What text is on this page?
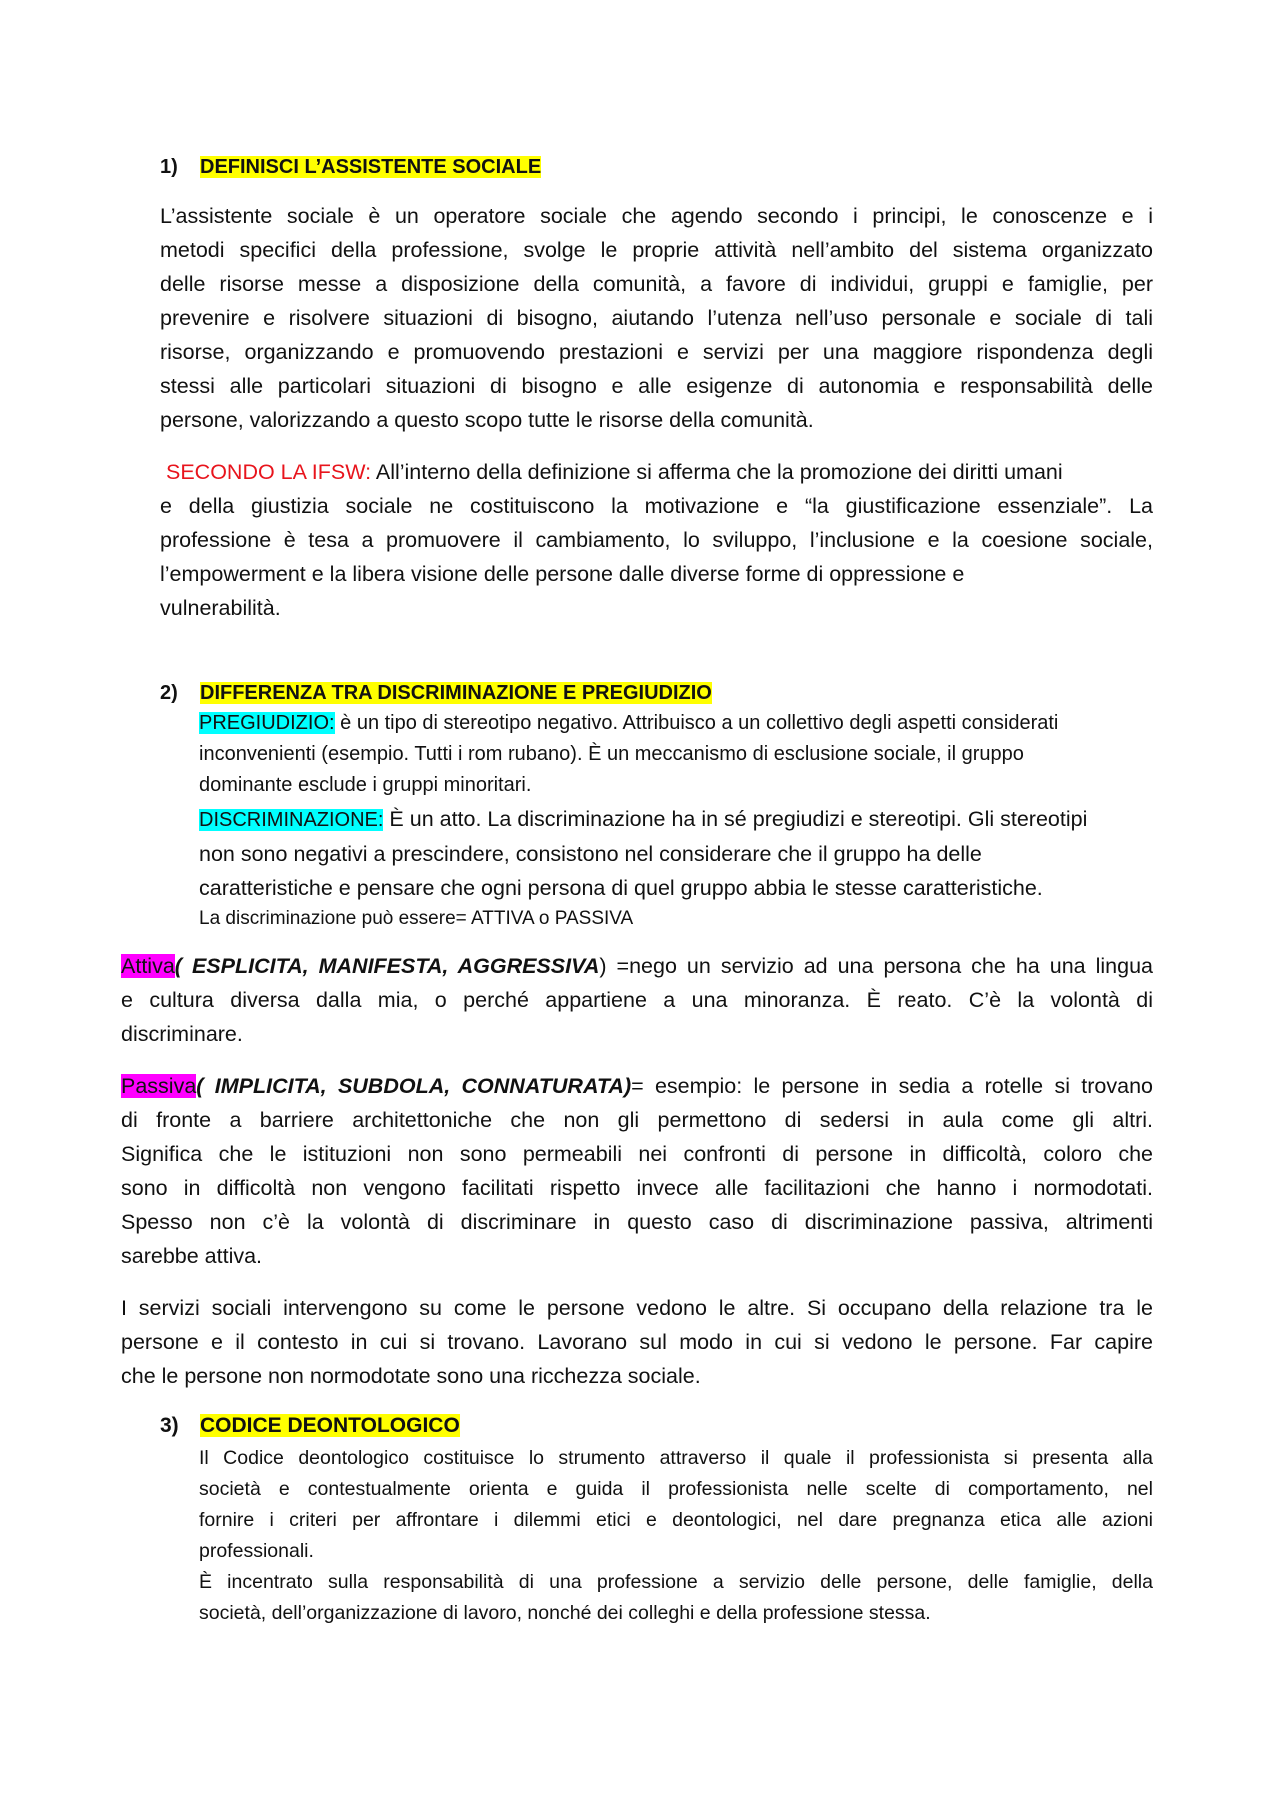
1) DEFINISCI L’ASSISTENTE SOCIALE
L’assistente sociale è un operatore sociale che agendo secondo i principi, le conoscenze e i
metodi specifici della professione, svolge le proprie attività nell’ambito del sistema organizzato
delle risorse messe a disposizione della comunità, a favore di individui, gruppi e famiglie, per
prevenire e risolvere situazioni di bisogno, aiutando l’utenza nell’uso personale e sociale di tali
risorse, organizzando e promuovendo prestazioni e servizi per una maggiore rispondenza degli
stessi alle particolari situazioni di bisogno e alle esigenze di autonomia e responsabilità delle
persone, valorizzando a questo scopo tutte le risorse della comunità.
SECONDO LA IFSW: All’interno della definizione si afferma che la promozione dei diritti umani
e della giustizia sociale ne costituiscono la motivazione e “la giustificazione essenziale”. La
professione è tesa a promuovere il cambiamento, lo sviluppo, l’inclusione e la coesione sociale,
l’empowerment e la libera visione delle persone dalle diverse forme di oppressione e
vulnerabilità.
2) DIFFERENZA TRA DISCRIMINAZIONE E PREGIUDIZIO
PREGIUDIZIO: è un tipo di stereotipo negativo. Attribuisco a un collettivo degli aspetti considerati
inconvenienti (esempio. Tutti i rom rubano). È un meccanismo di esclusione sociale, il gruppo
dominante esclude i gruppi minoritari.
DISCRIMINAZIONE: È un atto. La discriminazione ha in sé pregiudizi e stereotipi. Gli stereotipi
non sono negativi a prescindere, consistono nel considerare che il gruppo ha delle
caratteristiche e pensare che ogni persona di quel gruppo abbia le stesse caratteristiche.
La discriminazione può essere= ATTIVA o PASSIVA
Attiva( ESPLICITA, MANIFESTA, AGGRESSIVA) =nego un servizio ad una persona che ha una lingua
e cultura diversa dalla mia, o perché appartiene a una minoranza. È reato. C’è la volontà di
discriminare.
Passiva( IMPLICITA, SUBDOLA, CONNATURATA)= esempio: le persone in sedia a rotelle si trovano
di fronte a barriere architettoniche che non gli permettono di sedersi in aula come gli altri.
Significa che le istituzioni non sono permeabili nei confronti di persone in difficoltà, coloro che
sono in difficoltà non vengono facilitati rispetto invece alle facilitazioni che hanno i normodotati.
Spesso non c’è la volontà di discriminare in questo caso di discriminazione passiva, altrimenti
sarebbe attiva.
I servizi sociali intervengono su come le persone vedono le altre. Si occupano della relazione tra le
persone e il contesto in cui si trovano. Lavorano sul modo in cui si vedono le persone. Far capire
che le persone non normodotate sono una ricchezza sociale.
3) CODICE DEONTOLOGICO
Il Codice deontologico costituisce lo strumento attraverso il quale il professionista si presenta alla
società e contestualmente orienta e guida il professionista nelle scelte di comportamento, nel
fornire i criteri per affrontare i dilemmi etici e deontologici, nel dare pregnanza etica alle azioni
professionali.
È incentrato sulla responsabilità di una professione a servizio delle persone, delle famiglie, della
società, dell’organizzazione di lavoro, nonché dei colleghi e della professione stessa.
